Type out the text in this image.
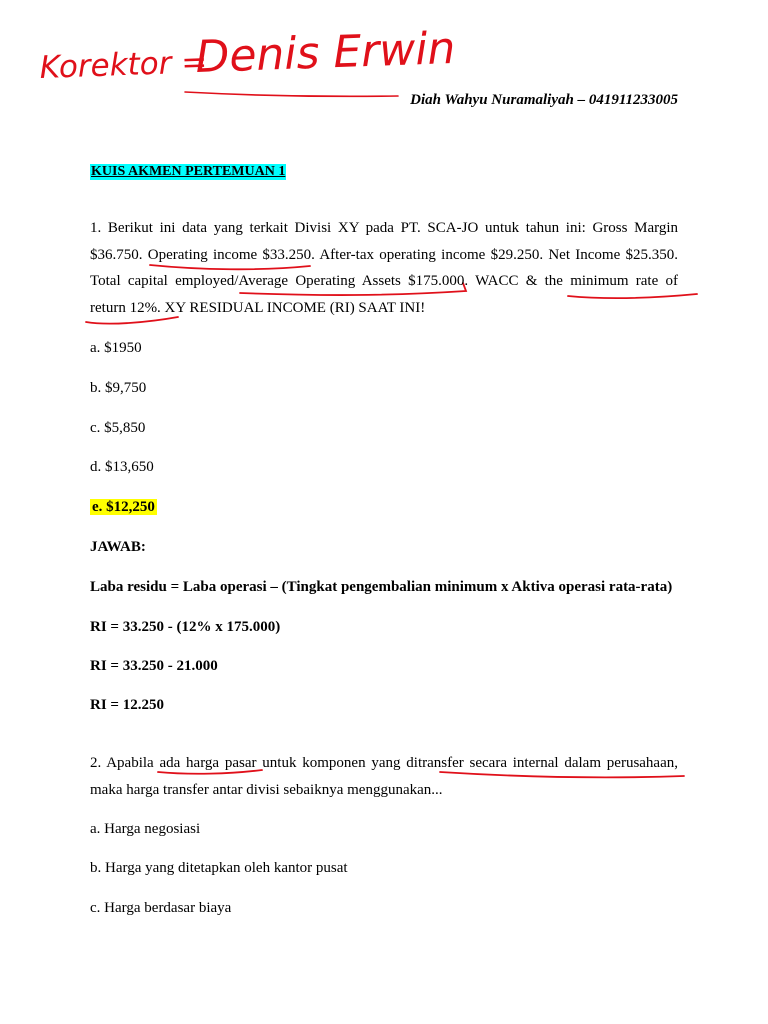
Korektor =
Denis Erwin
Diah Wahyu Nuramaliyah – 041911233005
KUIS AKMEN PERTEMUAN 1
1. Berikut ini data yang terkait Divisi XY pada PT. SCA-JO untuk tahun ini: Gross Margin $36.750. Operating income $33.250. After-tax operating income $29.250. Net Income $25.350. Total capital employed/Average Operating Assets $175.000. WACC & the minimum rate of return 12%. XY RESIDUAL INCOME (RI) SAAT INI!
a. $1950
b. $9,750
c. $5,850
d. $13,650
e. $12,250
JAWAB:
Laba residu = Laba operasi – (Tingkat pengembalian minimum x Aktiva operasi rata-rata)
RI = 33.250 - (12% x 175.000)
RI = 33.250 - 21.000
RI = 12.250
2. Apabila ada harga pasar untuk komponen yang ditransfer secara internal dalam perusahaan, maka harga transfer antar divisi sebaiknya menggunakan...
a. Harga negosiasi
b. Harga yang ditetapkan oleh kantor pusat
c. Harga berdasar biaya
